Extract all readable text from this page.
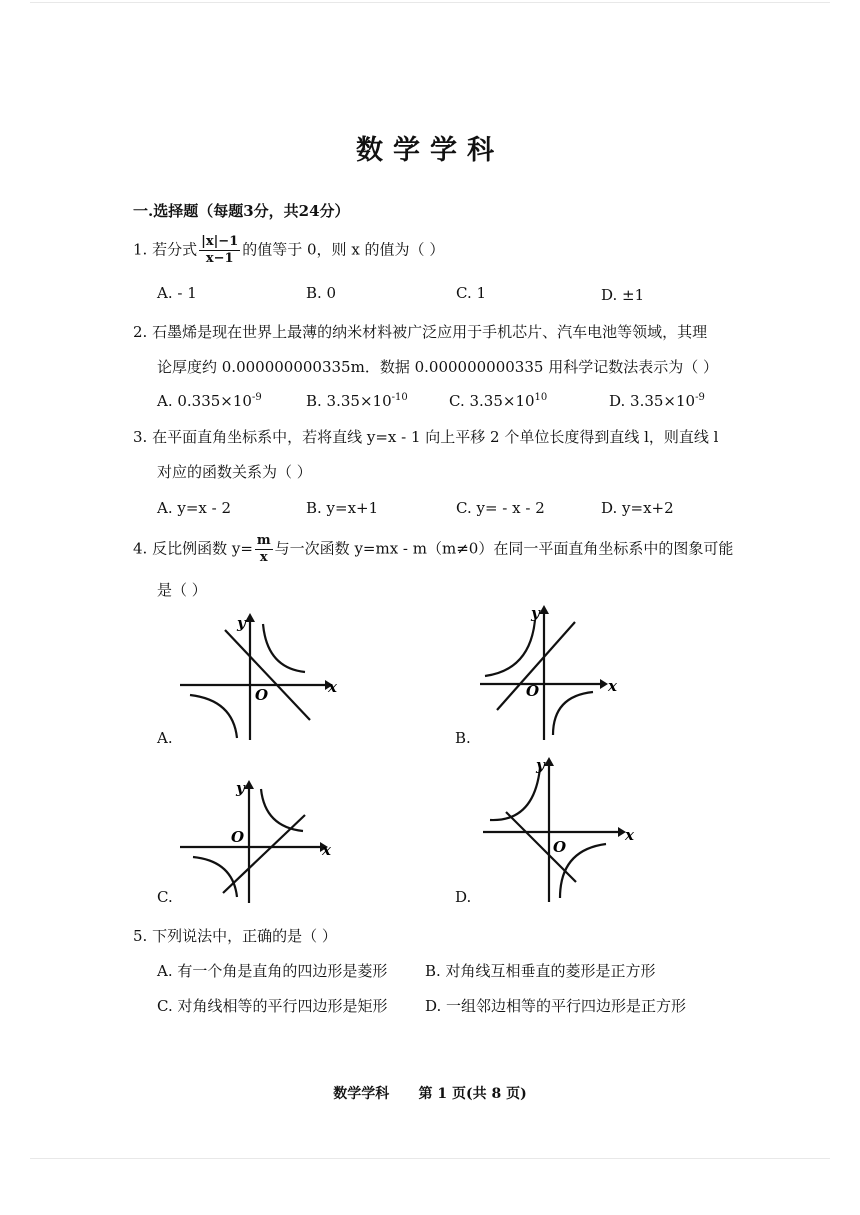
数学学科
一.选择题（每题3分，共24分）
1. 若分式 $\frac{|x|-1}{x-1}$ 的值等于 0，则 x 的值为（ ）
A. - 1	B. 0	C. 1	D. ±1
2. 石墨烯是现在世界上最薄的纳米材料被广泛应用于手机芯片、汽车电池等领域，其理
论厚度约 0.000000000335m．数据 0.000000000335 用科学记数法表示为（ ）
A. $0.335\times 10^{-9}$	B. $3.35\times 10^{-10}$	C. $3.35\times 10^{10}$	D. $3.35\times 10^{-9}$
3. 在平面直角坐标系中，若将直线 y=x - 1 向上平移 2 个单位长度得到直线 l，则直线 l
对应的函数关系为（ ）
A. y=x - 2	B. y=x+1	C. y= - x - 2	D. y=x+2
4. 反比例函数 $y= \frac{m}{x}$ 与一次函数 y=mx - m（m≠0）在同一平面直角坐标系中的图象可能
是（ ）
x
y
O
A.
x
y
O
B.
x
y
O
C.
x
y
O
D.
5. 下列说法中，正确的是（ ）
A. 有一个角是直角的四边形是菱形	B. 对角线互相垂直的菱形是正方形
C. 对角线相等的平行四边形是矩形	D. 一组邻边相等的平行四边形是正方形
数学学科      第 1 页(共 8 页)
